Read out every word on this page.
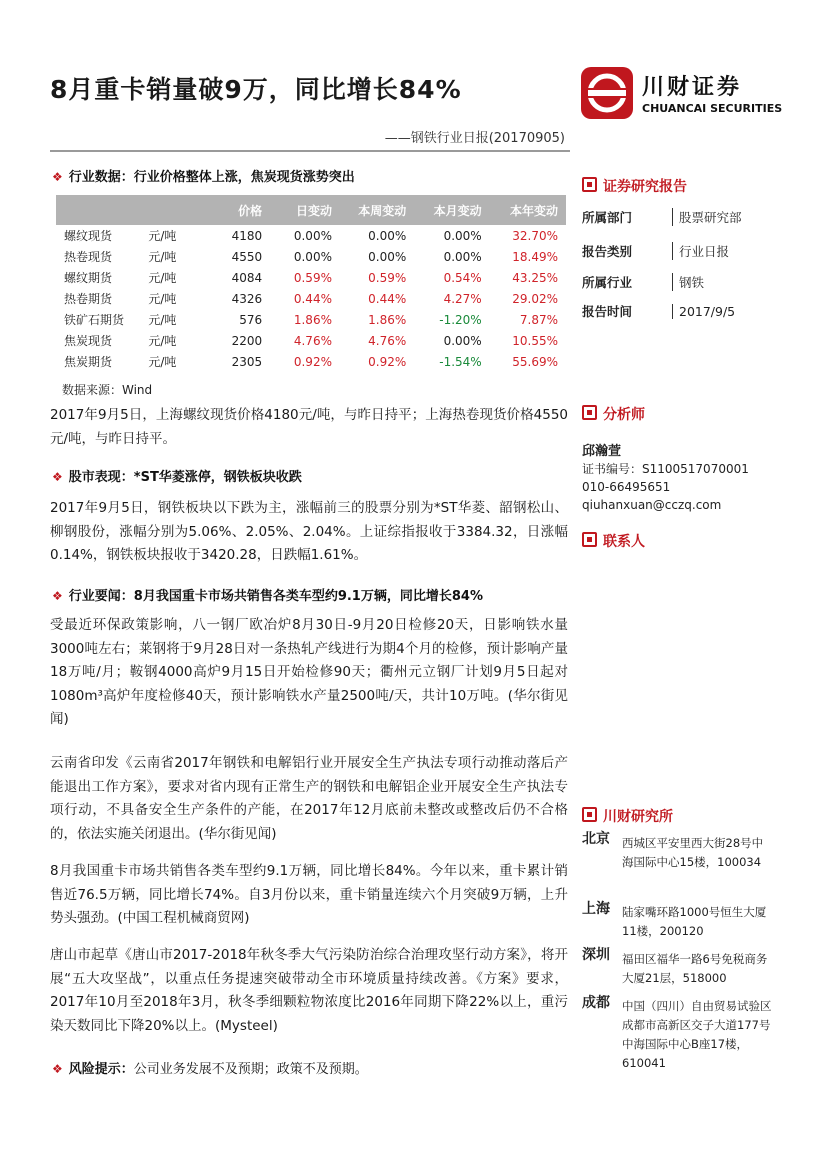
8月重卡销量破9万，同比增长84%
——钢铁行业日报(20170905)
川财证券
CHUANCAI SECURITIES
❖ 行业数据：行业价格整体上涨，焦炭现货涨势突出
		价格	日变动	本周变动	本月变动	本年变动
螺纹现货	元/吨	4180	0.00%	0.00%	0.00%	32.70%
热卷现货	元/吨	4550	0.00%	0.00%	0.00%	18.49%
螺纹期货	元/吨	4084	0.59%	0.59%	0.54%	43.25%
热卷期货	元/吨	4326	0.44%	0.44%	4.27%	29.02%
铁矿石期货	元/吨	576	1.86%	1.86%	-1.20%	7.87%
焦炭现货	元/吨	2200	4.76%	4.76%	0.00%	10.55%
焦炭期货	元/吨	2305	0.92%	0.92%	-1.54%	55.69%
数据来源：Wind
2017年9月5日，上海螺纹现货价格4180元/吨，与昨日持平；上海热卷现货价格4550元/吨，与昨日持平。
❖ 股市表现：*ST华菱涨停，钢铁板块收跌
2017年9月5日，钢铁板块以下跌为主，涨幅前三的股票分别为*ST华菱、韶钢松山、柳钢股份，涨幅分别为5.06%、2.05%、2.04%。上证综指报收于3384.32，日涨幅0.14%，钢铁板块报收于3420.28，日跌幅1.61%。
❖ 行业要闻：8月我国重卡市场共销售各类车型约9.1万辆，同比增长84%
受最近环保政策影响，八一钢厂欧冶炉8月30日-9月20日检修20天，日影响铁水量3000吨左右；莱钢将于9月28日对一条热轧产线进行为期4个月的检修，预计影响产量18万吨/月；鞍钢4000高炉9月15日开始检修90天；衢州元立钢厂计划9月5日起对1080m³高炉年度检修40天，预计影响铁水产量2500吨/天，共计10万吨。(华尔街见闻)
云南省印发《云南省2017年钢铁和电解铝行业开展安全生产执法专项行动推动落后产能退出工作方案》，要求对省内现有正常生产的钢铁和电解铝企业开展安全生产执法专项行动，不具备安全生产条件的产能，在2017年12月底前未整改或整改后仍不合格的，依法实施关闭退出。(华尔街见闻)
8月我国重卡市场共销售各类车型约9.1万辆，同比增长84%。今年以来，重卡累计销售近76.5万辆，同比增长74%。自3月份以来，重卡销量连续六个月突破9万辆，上升势头强劲。(中国工程机械商贸网)
唐山市起草《唐山市2017-2018年秋冬季大气污染防治综合治理攻坚行动方案》，将开展“五大攻坚战”，以重点任务提速突破带动全市环境质量持续改善。《方案》要求，2017年10月至2018年3月，秋冬季细颗粒物浓度比2016年同期下降22%以上，重污染天数同比下降20%以上。(Mysteel)
❖ 风险提示：公司业务发展不及预期；政策不及预期。
证券研究报告
所属部门	股票研究部
报告类别	行业日报
所属行业	钢铁
报告时间	2017/9/5
分析师
邱瀚萱
证书编号：S1100517070001
010-66495651
qiuhanxuan@cczq.com
联系人
川财研究所
北京 西城区平安里西大街28号中海国际中心15楼，100034
上海 陆家嘴环路1000号恒生大厦11楼，200120
深圳 福田区福华一路6号免税商务大厦21层，518000
成都 中国（四川）自由贸易试验区成都市高新区交子大道177号中海国际中心B座17楼，610041
